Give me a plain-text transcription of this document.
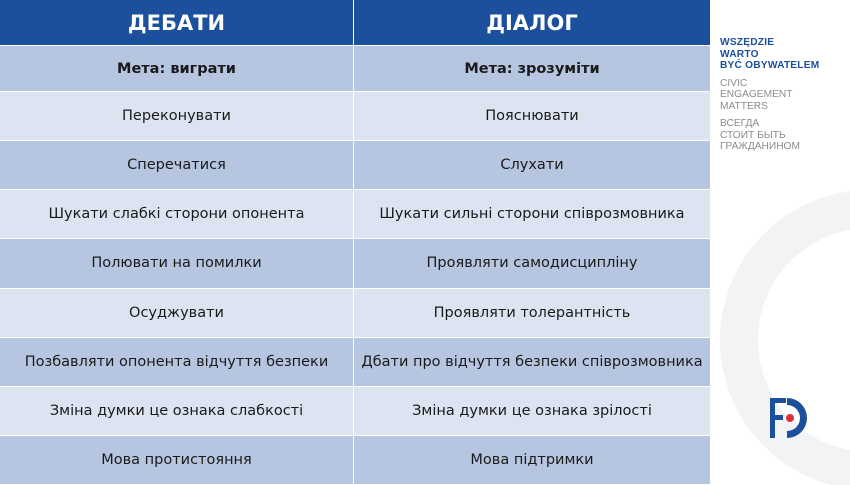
ДЕБАТИ	ДІАЛОГ
Мета: виграти	Мета: зрозуміти
Переконувати	Пояснювати
Сперечатися	Слухати
Шукати слабкі сторони опонента	Шукати сильні сторони співрозмовника
Полювати на помилки	Проявляти самодисципліну
Осуджувати	Проявляти толерантність
Позбавляти опонента відчуття безпеки	Дбати про відчуття безпеки співрозмовника
Зміна думки це ознака слабкості	Зміна думки це ознака зрілості
Мова протистояння	Мова підтримки
WSZĘDZIE
WARTO
BYĆ OBYWATELEM
CIVIC
ENGAGEMENT
MATTERS
ВСЕГДА
СТОИТ БЫТЬ
ГРАЖДАНИНОМ
